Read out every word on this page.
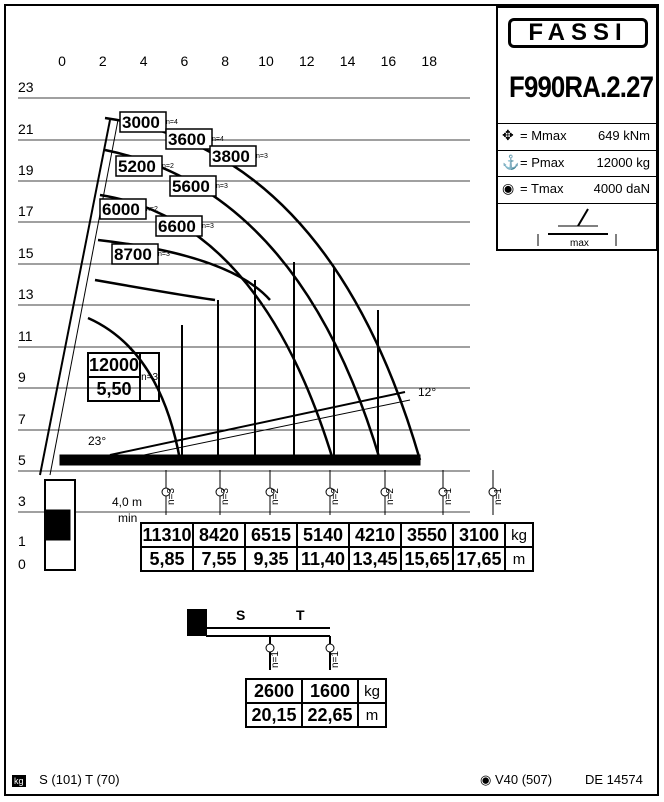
0 2 4 6 8 10 12 14 16 18
23
21
19
17
15
13
11
9
7
5
3
1
0
23°
12°
4,0 m
min
n=3	n=3	n=2	n=2	n=2	n=1	n=1
n=1	n=1
S	T
3000 n=4
3600 n=4
3800 n=3
5200 n=2
5600 n=3
6000 n=2
6600 n=3
8700 n=3
FASSI
F990RA.2.27
✥ = Mmax 649 kNm
⚓ = Pmax 12000 kg
◉ = Tmax 4000 daN
max
12000	n=3
5,50
11310	8420	6515	5140	4210	3550	3100	kg
5,85	7,55	9,35	11,40	13,45	15,65	17,65	m
2600	1600	kg
20,15	22,65	m
kg S (101) T (70)	◉ V40 (507)	DE 14574
